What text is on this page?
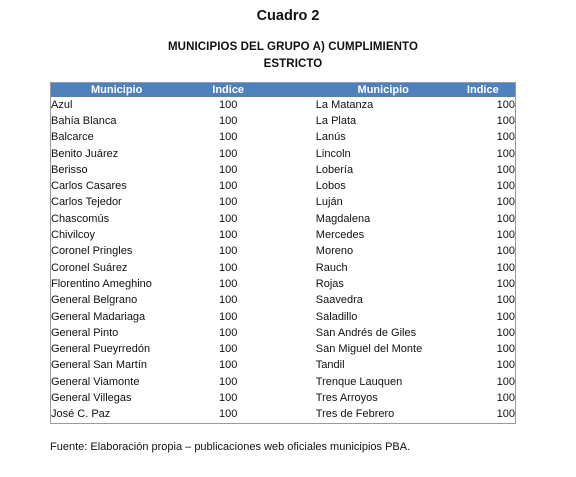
Cuadro 2
MUNICIPIOS DEL GRUPO A) CUMPLIMIENTO ESTRICTO
Municipio	Indice		Municipio	Indice
Azul	100		La Matanza	100
Bahía Blanca	100		La Plata	100
Balcarce	100		Lanús	100
Benito Juárez	100		Lincoln	100
Berisso	100		Lobería	100
Carlos Casares	100		Lobos	100
Carlos Tejedor	100		Luján	100
Chascomús	100		Magdalena	100
Chivilcoy	100		Mercedes	100
Coronel Pringles	100		Moreno	100
Coronel Suárez	100		Rauch	100
Florentino Ameghino	100		Rojas	100
General Belgrano	100		Saavedra	100
General Madariaga	100		Saladillo	100
General Pinto	100		San Andrés de Giles	100
General Pueyrredón	100		San Miguel del Monte	100
General San Martín	100		Tandil	100
General Viamonte	100		Trenque Lauquen	100
General Villegas	100		Tres Arroyos	100
José C. Paz	100		Tres de Febrero	100
Fuente: Elaboración propia – publicaciones web oficiales municipios PBA.
